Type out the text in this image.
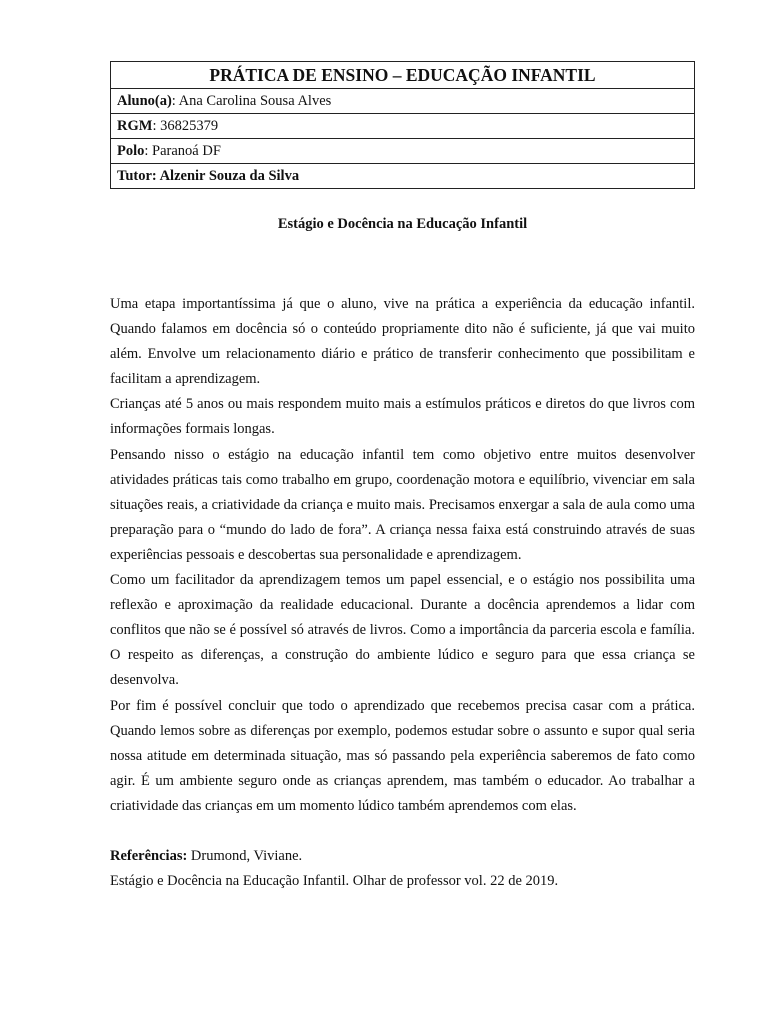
PRÁTICA DE ENSINO – EDUCAÇÃO INFANTIL
Aluno(a): Ana Carolina Sousa Alves
RGM: 36825379
Polo: Paranoá DF
Tutor: Alzenir Souza da Silva
Estágio e Docência na Educação Infantil

Uma etapa importantíssima já que o aluno, vive na prática a experiência da educação infantil. Quando falamos em docência só o conteúdo propriamente dito não é suficiente, já que vai muito além. Envolve um relacionamento diário e prático de transferir conhecimento que possibilitam e facilitam a aprendizagem.

Crianças até 5 anos ou mais respondem muito mais a estímulos práticos e diretos do que livros com informações formais longas.

Pensando nisso o estágio na educação infantil tem como objetivo entre muitos desenvolver atividades práticas tais como trabalho em grupo, coordenação motora e equilíbrio, vivenciar em sala situações reais, a criatividade da criança e muito mais. Precisamos enxergar a sala de aula como uma preparação para o “mundo do lado de fora”. A criança nessa faixa está construindo através de suas experiências pessoais e descobertas sua personalidade e aprendizagem.

Como um facilitador da aprendizagem temos um papel essencial, e o estágio nos possibilita uma reflexão e aproximação da realidade educacional. Durante a docência aprendemos a lidar com conflitos que não se é possível só através de livros. Como a importância da parceria escola e família. O respeito as diferenças, a construção do ambiente lúdico e seguro para que essa criança se desenvolva.

Por fim é possível concluir que todo o aprendizado que recebemos precisa casar com a prática. Quando lemos sobre as diferenças por exemplo, podemos estudar sobre o assunto e supor qual seria nossa atitude em determinada situação, mas só passando pela experiência saberemos de fato como agir. É um ambiente seguro onde as crianças aprendem, mas também o educador. Ao trabalhar a criatividade das crianças em um momento lúdico também aprendemos com elas.

Referências: Drumond, Viviane.

Estágio e Docência na Educação Infantil. Olhar de professor vol. 22 de 2019.
